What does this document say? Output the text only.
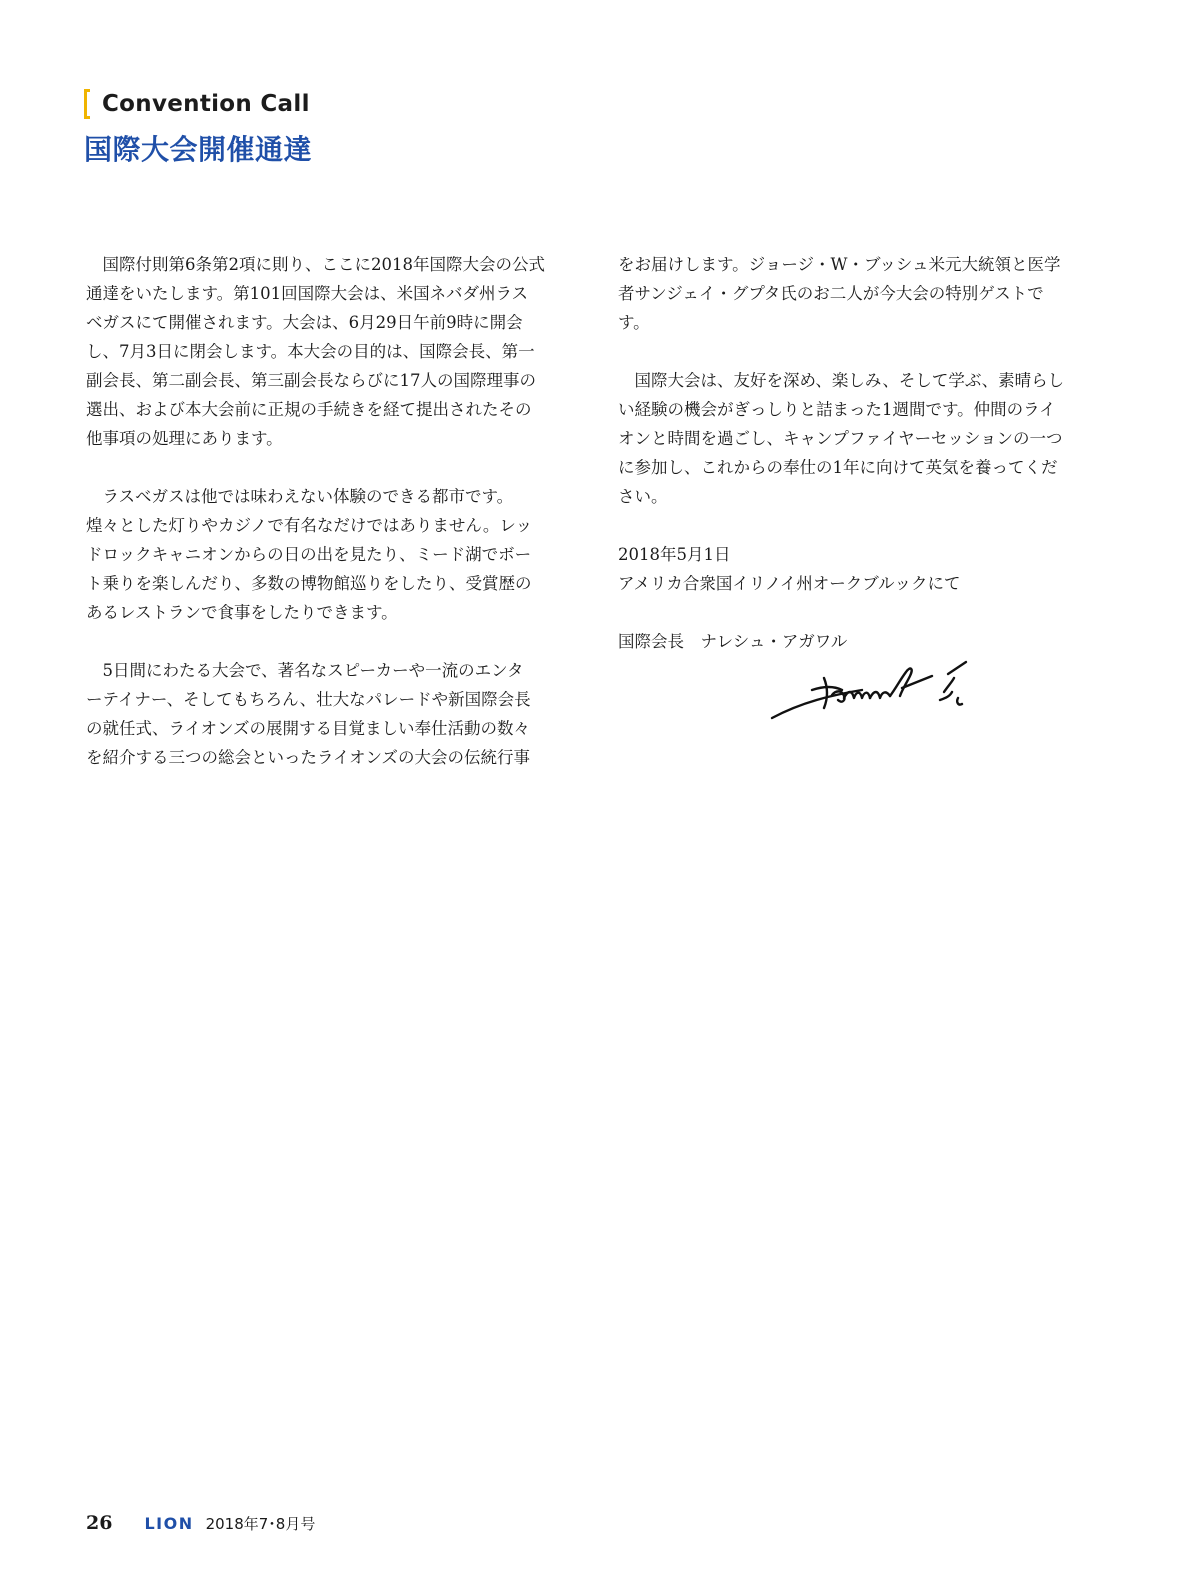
Convention Call
国際大会開催通達

国際付則第6条第2項に則り、ここに2018年国際大会の公式
通達をいたします。第101回国際大会は、米国ネバダ州ラス
ベガスにて開催されます。大会は、6月29日午前9時に開会
し、7月3日に閉会します。本大会の目的は、国際会長、第一
副会長、第二副会長、第三副会長ならびに17人の国際理事の
選出、および本大会前に正規の手続きを経て提出されたその
他事項の処理にあります。

ラスベガスは他では味わえない体験のできる都市です。
煌々とした灯りやカジノで有名なだけではありません。レッ
ドロックキャニオンからの日の出を見たり、ミード湖でボー
ト乗りを楽しんだり、多数の博物館巡りをしたり、受賞歴の
あるレストランで食事をしたりできます。

5日間にわたる大会で、著名なスピーカーや一流のエンタ
ーテイナー、そしてもちろん、壮大なパレードや新国際会長
の就任式、ライオンズの展開する目覚ましい奉仕活動の数々
を紹介する三つの総会といったライオンズの大会の伝統行事

をお届けします。ジョージ・W・ブッシュ米元大統領と医学
者サンジェイ・グプタ氏のお二人が今大会の特別ゲストで
す。

国際大会は、友好を深め、楽しみ、そして学ぶ、素晴らし
い経験の機会がぎっしりと詰まった1週間です。仲間のライ
オンと時間を過ごし、キャンプファイヤーセッションの一つ
に参加し、これからの奉仕の1年に向けて英気を養ってくだ
さい。

2018年5月1日
アメリカ合衆国イリノイ州オークブルックにて

国際会長　ナレシュ・アガワル

26 LION 2018年7･8月号
